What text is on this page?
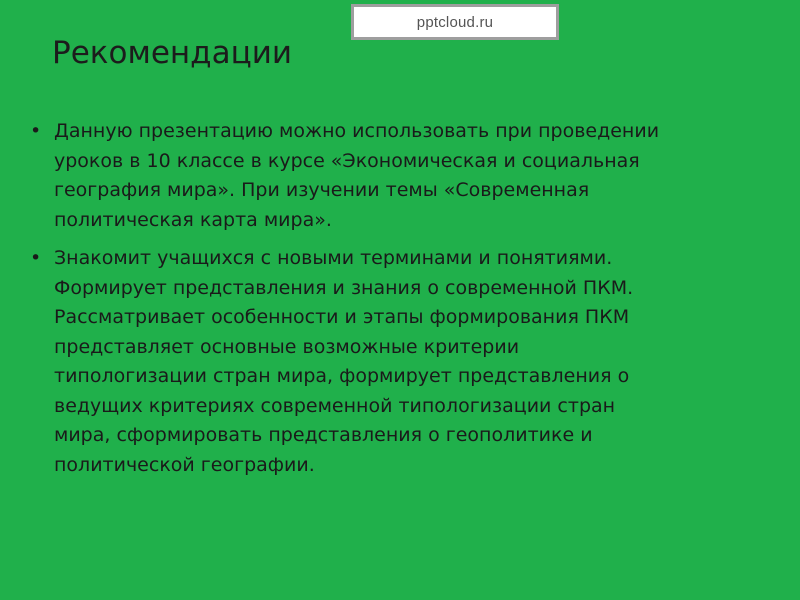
pptcloud.ru
Рекомендации
• Данную презентацию можно использовать при проведении
уроков в 10 классе в курсе «Экономическая и социальная
география мира». При изучении темы «Современная
политическая карта мира».
• Знакомит учащихся с новыми терминами и понятиями.
Формирует представления и знания о современной ПКМ.
Рассматривает особенности и этапы формирования ПКМ
представляет основные возможные критерии
типологизации стран мира, формирует представления о
ведущих критериях современной типологизации стран
мира, сформировать представления о геополитике и
политической географии.
